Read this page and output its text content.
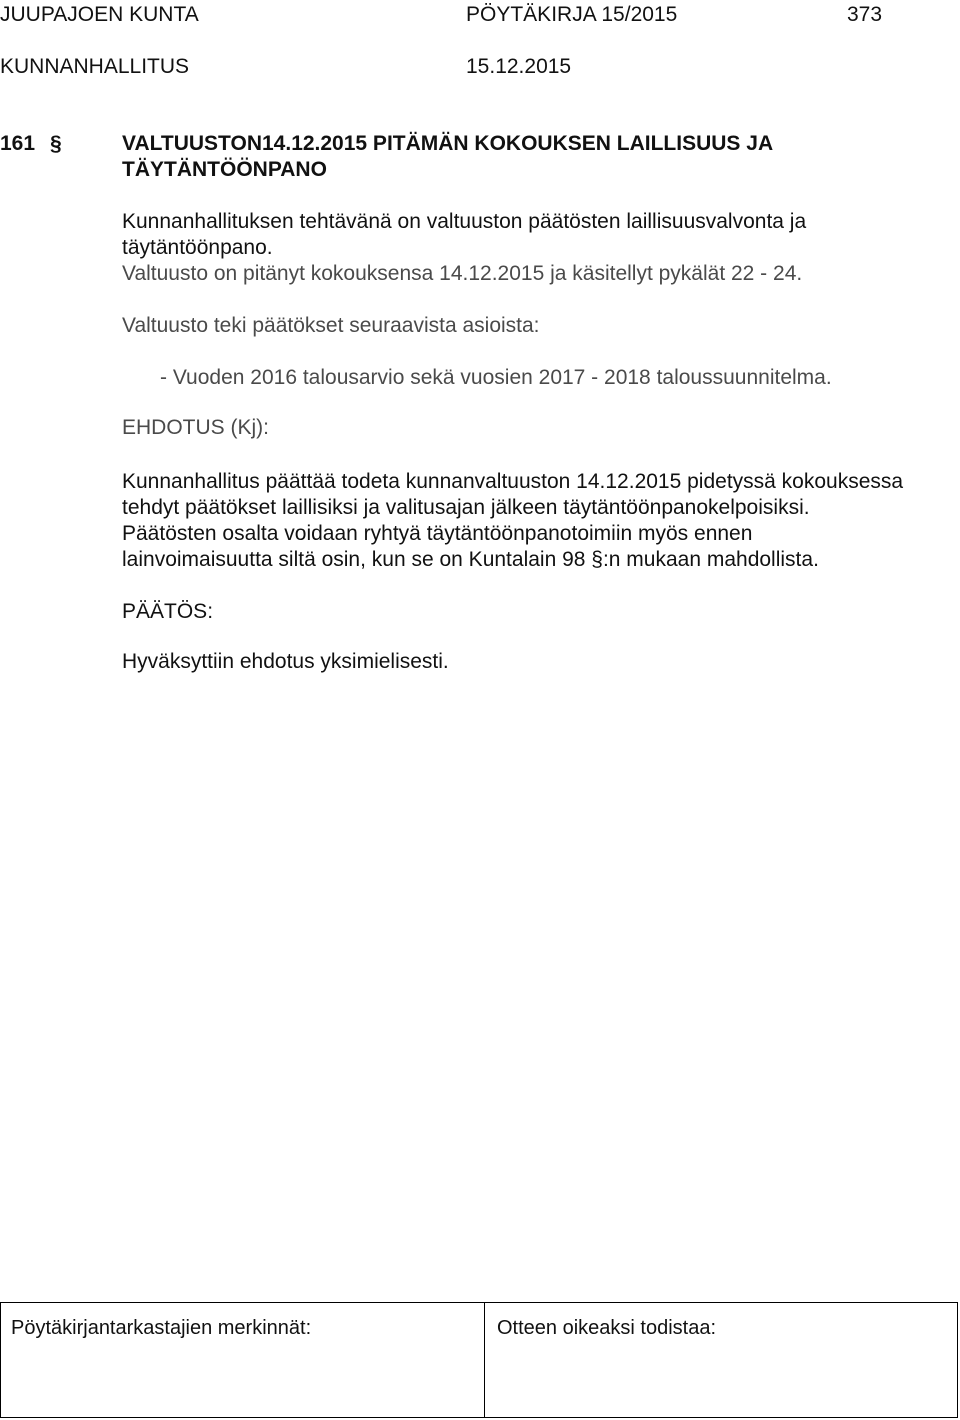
JUUPAJOEN KUNTA	PÖYTÄKIRJA 15/2015	373
KUNNANHALLITUS	15.12.2015
161 §	VALTUUSTON14.12.2015 PITÄMÄN KOKOUKSEN LAILLISUUS JA
TÄYTÄNTÖÖNPANO
Kunnanhallituksen tehtävänä on valtuuston päätösten laillisuusvalvonta ja
täytäntöönpano.
Valtuusto on pitänyt kokouksensa 14.12.2015 ja käsitellyt pykälät 22 - 24.
Valtuusto teki päätökset seuraavista asioista:
- Vuoden 2016 talousarvio sekä vuosien 2017 - 2018 taloussuunnitelma.
EHDOTUS (Kj):
Kunnanhallitus päättää todeta kunnanvaltuuston 14.12.2015 pidetyssä kokouksessa
tehdyt päätökset laillisiksi ja valitusajan jälkeen täytäntöönpanokelpoisiksi.
Päätösten osalta voidaan ryhtyä täytäntöönpanotoimiin myös ennen
lainvoimaisuutta siltä osin, kun se on Kuntalain 98 §:n mukaan mahdollista.
PÄÄTÖS:
Hyväksyttiin ehdotus yksimielisesti.
Pöytäkirjantarkastajien merkinnät:	Otteen oikeaksi todistaa:
